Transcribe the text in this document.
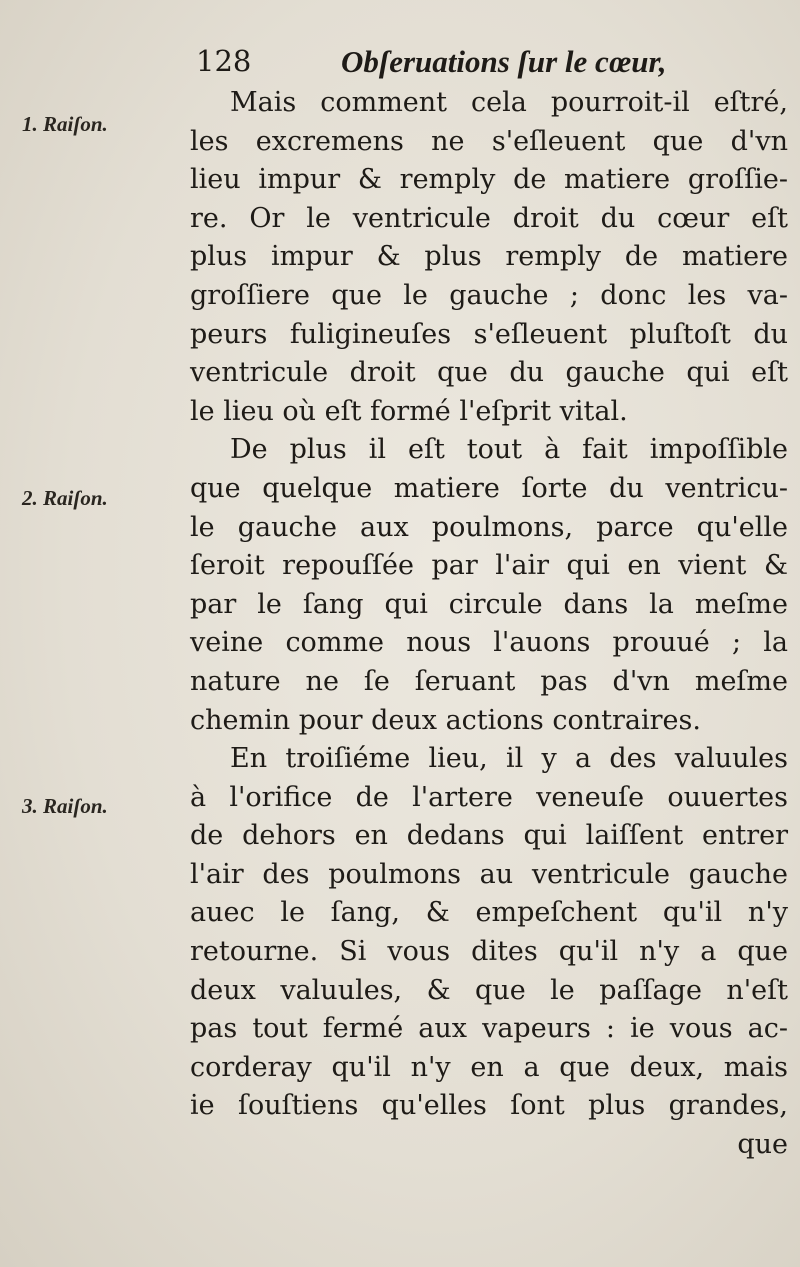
128	Obſeruations ſur le cœur,
1. Raiſon.
2. Raiſon.
3. Raiſon.
Mais comment cela pourroit-il eſtré,
les excremens ne s'eſleuent que d'vn
lieu impur & remply de matiere groſſie-
re. Or le ventricule droit du cœur eſt
plus impur & plus remply de matiere
groſſiere que le gauche ; donc les va-
peurs fuligineuſes s'eſleuent pluſtoſt du
ventricule droit que du gauche qui eſt
le lieu où eſt formé l'eſprit vital.
De plus il eſt tout à fait impoſſible
que quelque matiere ſorte du ventricu-
le gauche aux poulmons, parce qu'elle
ſeroit repouſſée par l'air qui en vient &
par le ſang qui circule dans la meſme
veine comme nous l'auons prouué ; la
nature ne ſe ſeruant pas d'vn meſme
chemin pour deux actions contraires.
En troiſiéme lieu, il y a des valuules
à l'orifice de l'artere veneuſe ouuertes
de dehors en dedans qui laiſſent entrer
l'air des poulmons au ventricule gauche
auec le ſang, & empeſchent qu'il n'y
retourne. Si vous dites qu'il n'y a que
deux valuules, & que le paſſage n'eſt
pas tout fermé aux vapeurs : ie vous ac-
corderay qu'il n'y en a que deux, mais
ie ſouſtiens qu'elles ſont plus grandes,
que
